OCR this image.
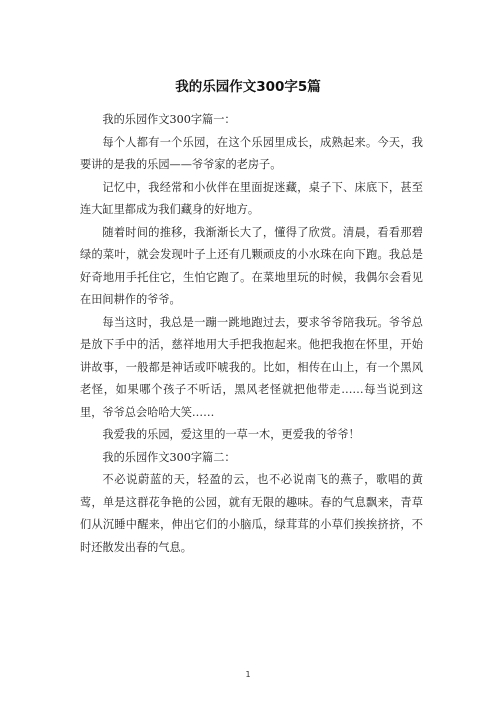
我的乐园作文300字5篇

我的乐园作文300字篇一：

每个人都有一个乐园，在这个乐园里成长，成熟起来。今天，我要讲的是我的乐园——爷爷家的老房子。

记忆中，我经常和小伙伴在里面捉迷藏，桌子下、床底下，甚至连大缸里都成为我们藏身的好地方。

随着时间的推移，我渐渐长大了，懂得了欣赏。清晨，看看那碧绿的菜叶，就会发现叶子上还有几颗顽皮的小水珠在向下跑。我总是好奇地用手托住它，生怕它跑了。在菜地里玩的时候，我偶尔会看见在田间耕作的爷爷。

每当这时，我总是一蹦一跳地跑过去，要求爷爷陪我玩。爷爷总是放下手中的活，慈祥地用大手把我抱起来。他把我抱在怀里，开始讲故事，一般都是神话或吓唬我的。比如，相传在山上，有一个黑风老怪，如果哪个孩子不听话，黑风老怪就把他带走……每当说到这里，爷爷总会哈哈大笑……

我爱我的乐园，爱这里的一草一木，更爱我的爷爷！

我的乐园作文300字篇二：

不必说蔚蓝的天，轻盈的云，也不必说南飞的燕子，歌唱的黄莺，单是这群花争艳的公园，就有无限的趣味。春的气息飘来，青草们从沉睡中醒来，伸出它们的小脑瓜，绿茸茸的小草们挨挨挤挤，不时还散发出春的气息。

1
